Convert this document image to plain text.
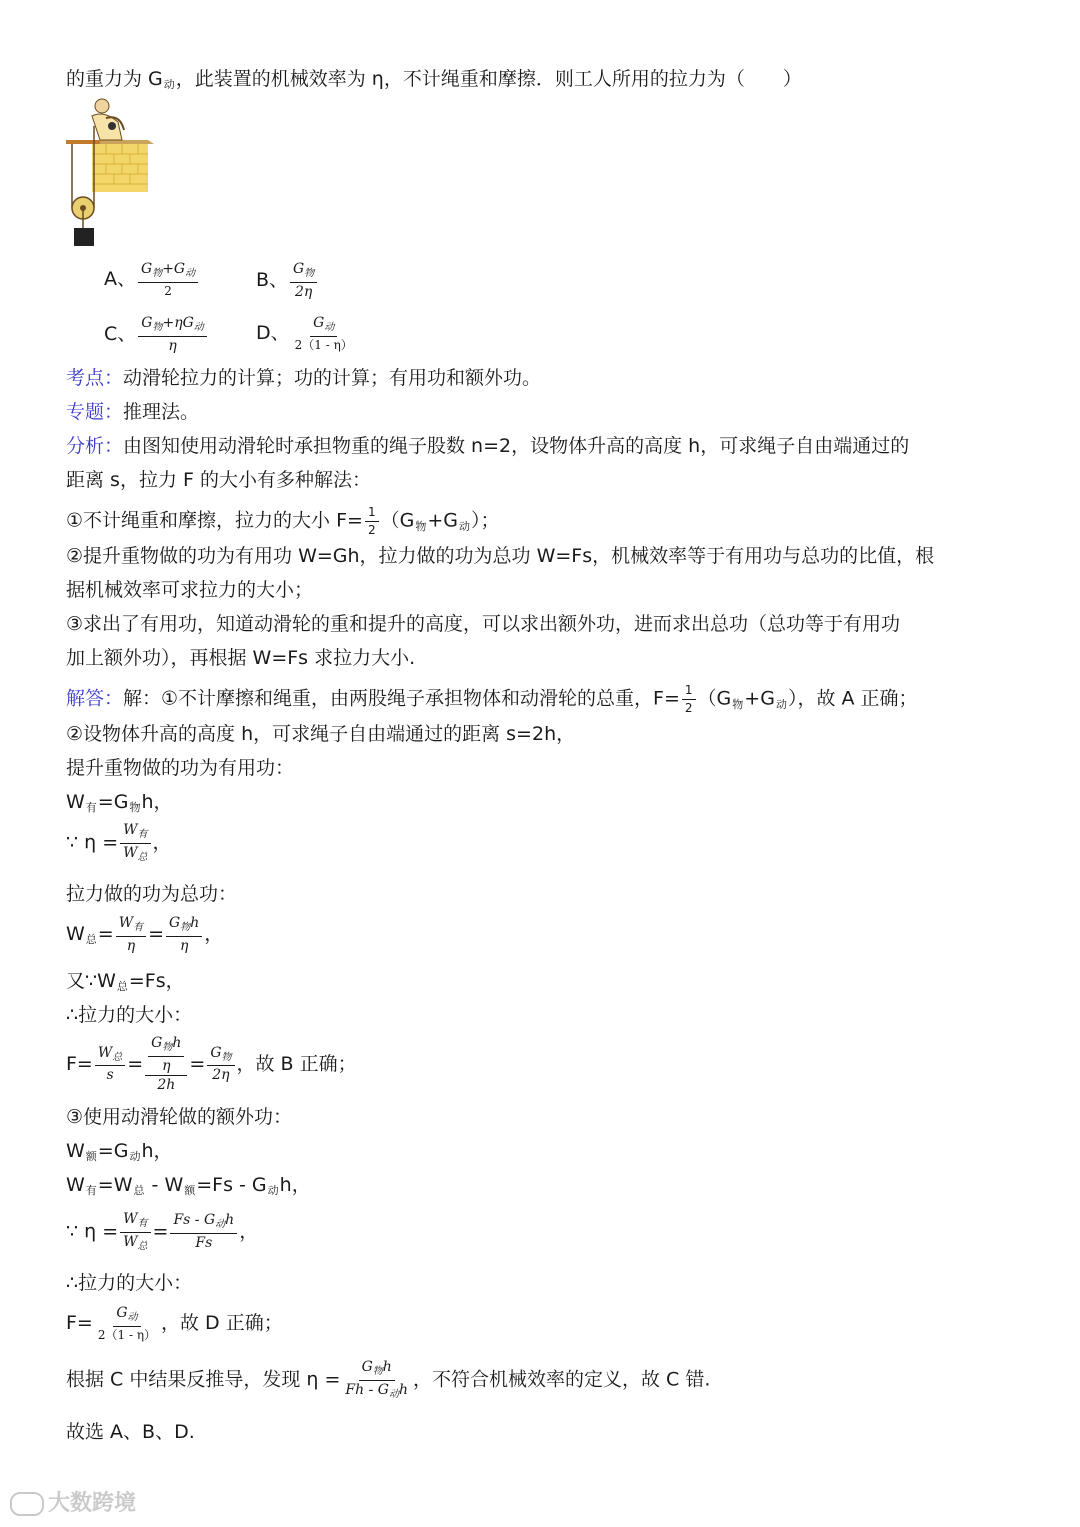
的重力为 $G_动$，此装置的机械效率为 η，不计绳重和摩擦．则工人所用的拉力为（　　）
A、 $\frac{G_物+G_动}{2}$	B、 $\frac{G_物}{2\eta}$
C、 $\frac{G_物+\eta G_动}{\eta}$	D、 $\frac{G_动}{2(1 - \eta)}$
考点：动滑轮拉力的计算；功的计算；有用功和额外功。
专题：推理法。
分析：由图知使用动滑轮时承担物重的绳子股数 n=2，设物体升高的高度 h，可求绳子自由端通过的
距离 s，拉力 F 的大小有多种解法：
①不计绳重和摩擦，拉力的大小 $F= \frac{1}{2} (G_物+G_动)$；
②提升重物做的功为有用功 W=Gh，拉力做的功为总功 W=Fs，机械效率等于有用功与总功的比值，根
据机械效率可求拉力的大小；
③求出了有用功，知道动滑轮的重和提升的高度，可以求出额外功，进而求出总功（总功等于有用功
加上额外功），再根据 W=Fs 求拉力大小.
解答：解：①不计摩擦和绳重，由两股绳子承担物体和动滑轮的总重，$F= \frac{1}{2} (G_物+G_动)$，故 A 正确；
②设物体升高的高度 h，可求绳子自由端通过的距离 s=2h，
提升重物做的功为有用功：
$W_有=G_物h$，
∵ $\eta = \frac{W_有}{W_总}$ ，
拉力做的功为总功：
$W_总= \frac{W_有}{\eta} = \frac{G_物h}{\eta}$ ，
又$\because W_总=Fs$，
∴拉力的大小：
$F= \frac{W_总}{s} = \frac{\frac{G_物h}{\eta}}{2h} = \frac{G_物}{2\eta}$ ，故 B 正确；
③使用动滑轮做的额外功：
$W_额=G_动h$，
$W_有=W_总 - W_额=Fs - G_动h$，
∵ $\eta = \frac{W_有}{W_总} = \frac{Fs - G_动h}{Fs}$ ，
∴拉力的大小：
$F= \frac{G_动}{2(1 - \eta)}$ ，故 D 正确；
根据 C 中结果反推导，发现 $\eta = \frac{G_物h}{Fh - G_动h}$ ，不符合机械效率的定义，故 C 错.
故选 A、B、D.
大数跨境
